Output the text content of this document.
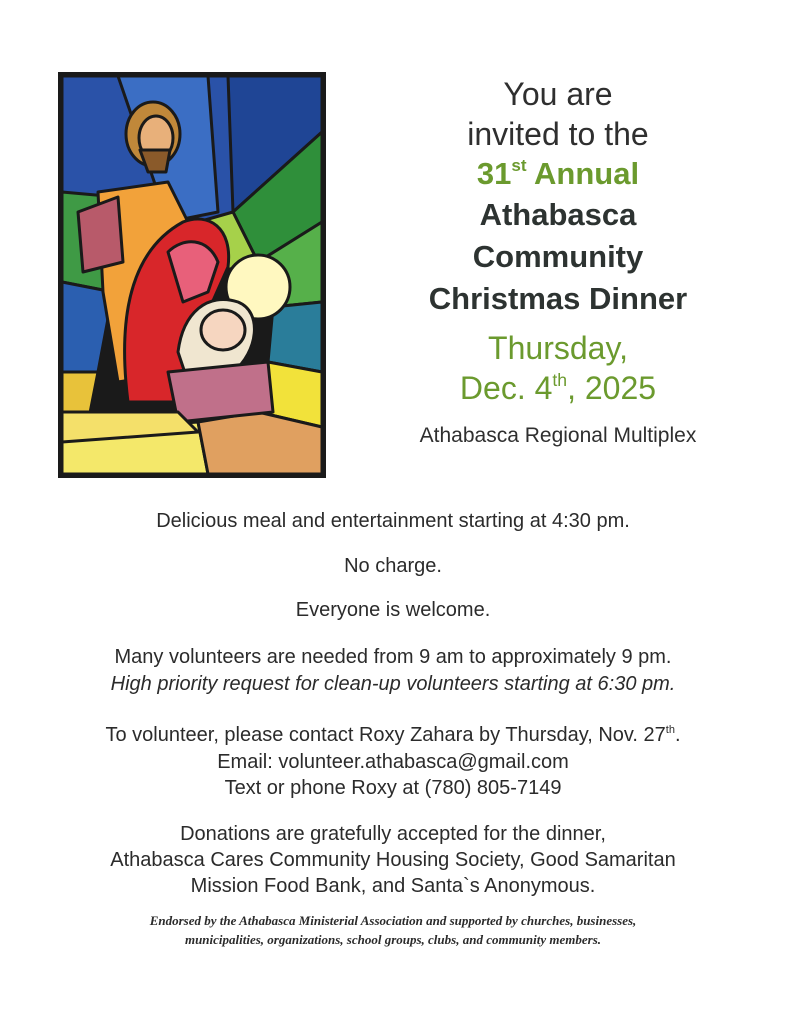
You are
invited to the
31st Annual
Athabasca
Community
Christmas Dinner
Thursday,
Dec. 4th, 2025
Athabasca Regional Multiplex
Delicious meal and entertainment starting at 4:30 pm.
No charge.
Everyone is welcome.
Many volunteers are needed from 9 am to approximately 9 pm.
High priority request for clean-up volunteers starting at 6:30 pm.
To volunteer, please contact Roxy Zahara by Thursday, Nov. 27th.
Email: volunteer.athabasca@gmail.com
Text or phone Roxy at (780) 805-7149
Donations are gratefully accepted for the dinner,
Athabasca Cares Community Housing Society, Good Samaritan
Mission Food Bank, and Santa`s Anonymous.
Endorsed by the Athabasca Ministerial Association and supported by churches, businesses,
municipalities, organizations, school groups, clubs, and community members.
